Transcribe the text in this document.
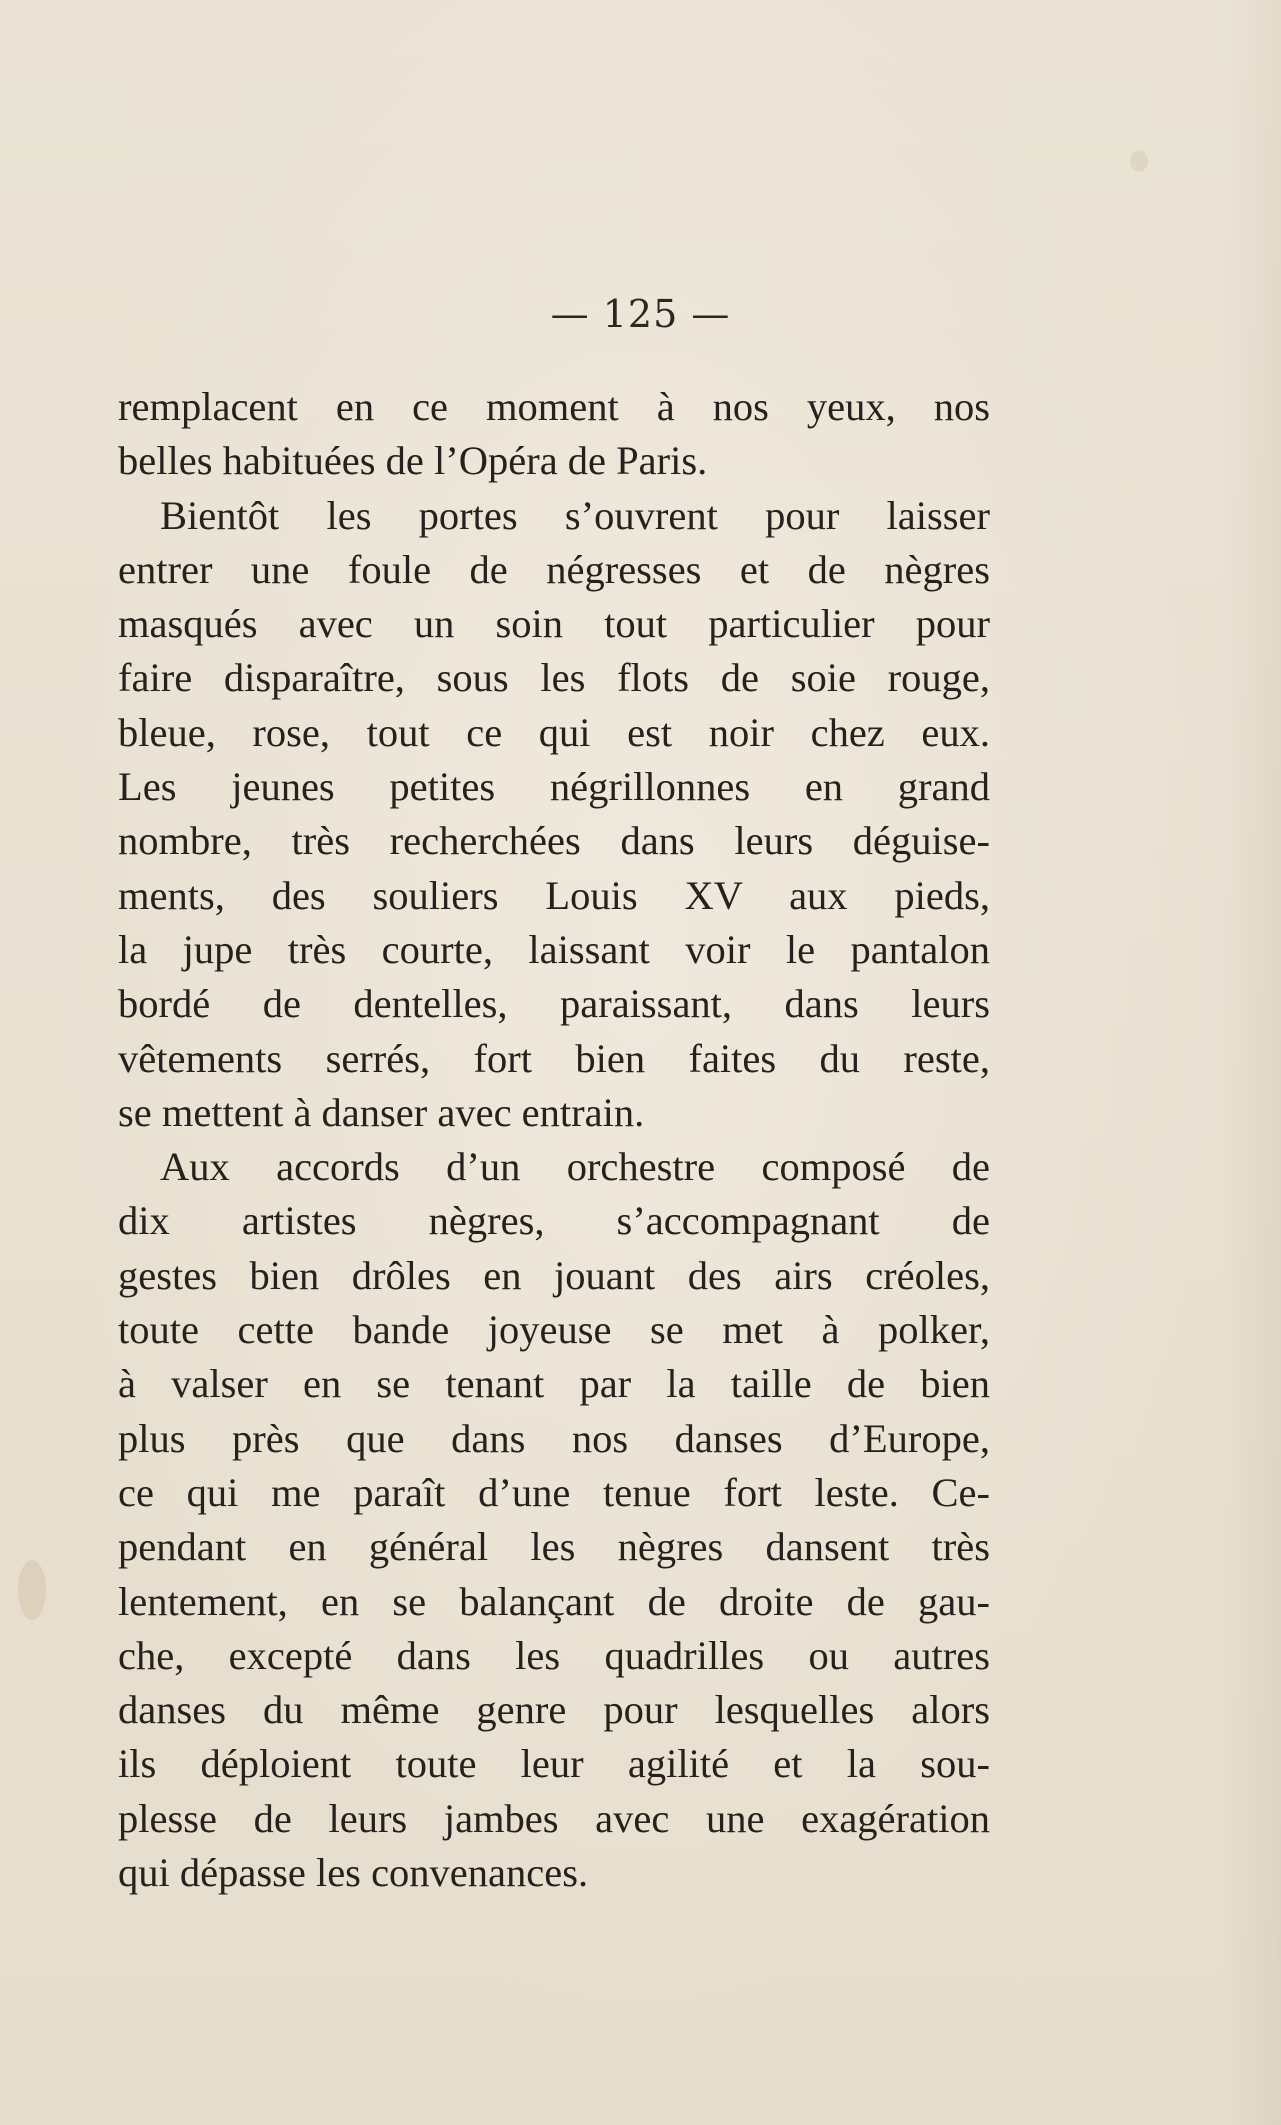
— 125 —
remplacent en ce moment à nos yeux, nos
belles habituées de l’Opéra de Paris.
Bientôt les portes s’ouvrent pour laisser
entrer une foule de négresses et de nègres
masqués avec un soin tout particulier pour
faire disparaître, sous les flots de soie rouge,
bleue, rose, tout ce qui est noir chez eux.
Les jeunes petites négrillonnes en grand
nombre, très recherchées dans leurs déguise-
ments, des souliers Louis XV aux pieds,
la jupe très courte, laissant voir le pantalon
bordé de dentelles, paraissant, dans leurs
vêtements serrés, fort bien faites du reste,
se mettent à danser avec entrain.
Aux accords d’un orchestre composé de
dix artistes nègres, s’accompagnant de
gestes bien drôles en jouant des airs créoles,
toute cette bande joyeuse se met à polker,
à valser en se tenant par la taille de bien
plus près que dans nos danses d’Europe,
ce qui me paraît d’une tenue fort leste. Ce-
pendant en général les nègres dansent très
lentement, en se balançant de droite de gau-
che, excepté dans les quadrilles ou autres
danses du même genre pour lesquelles alors
ils déploient toute leur agilité et la sou-
plesse de leurs jambes avec une exagération
qui dépasse les convenances.
